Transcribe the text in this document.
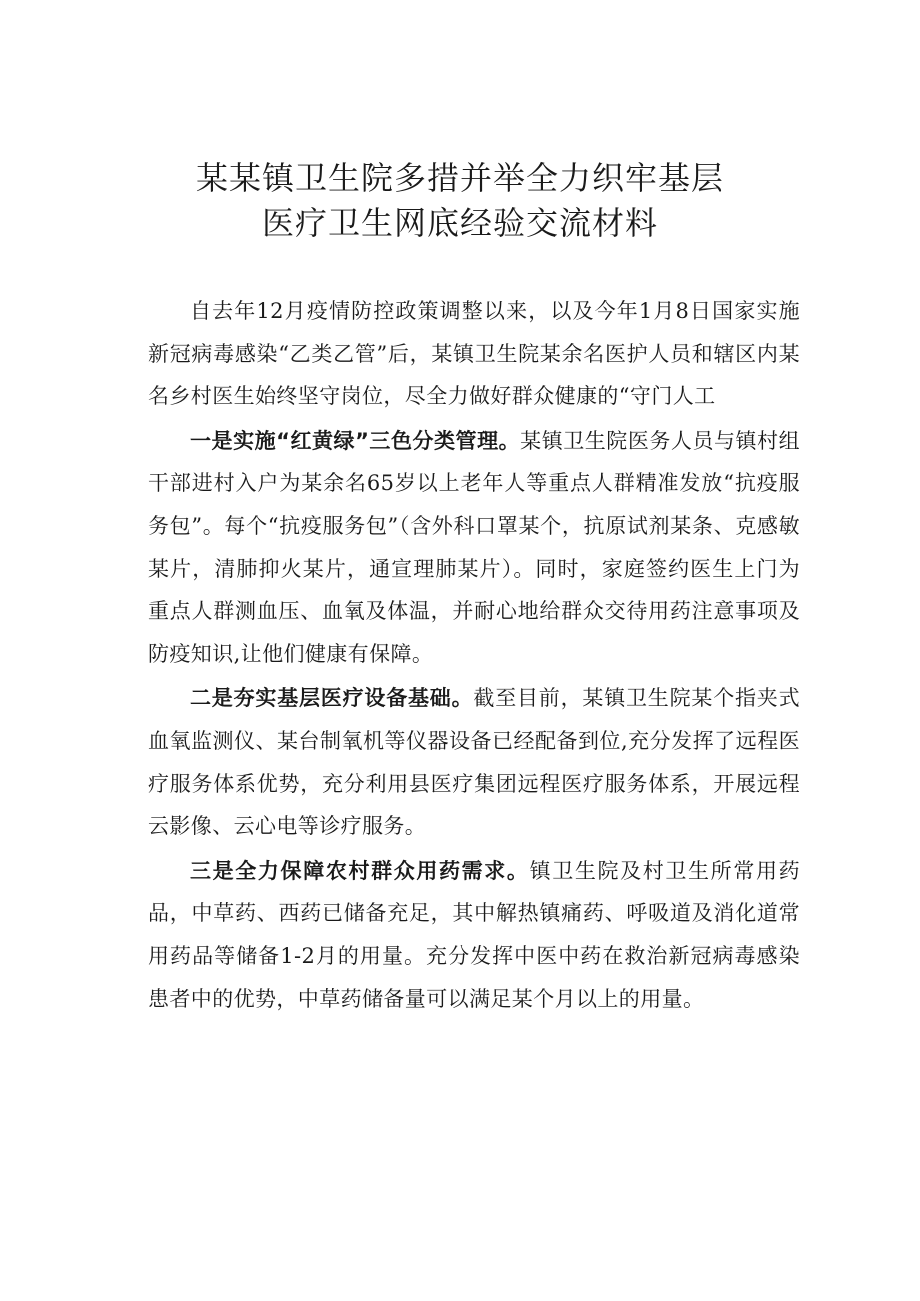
某某镇卫生院多措并举全力织牢基层
医疗卫生网底经验交流材料

自去年12月疫情防控政策调整以来，以及今年1月8日国家实施新冠病毒感染“乙类乙管”后，某镇卫生院某余名医护人员和辖区内某名乡村医生始终坚守岗位，尽全力做好群众健康的“守门人工

一是实施“红黄绿”三色分类管理。某镇卫生院医务人员与镇村组干部进村入户为某余名65岁以上老年人等重点人群精准发放“抗疫服务包”。每个“抗疫服务包”（含外科口罩某个，抗原试剂某条、克感敏某片，清肺抑火某片，通宣理肺某片）。同时，家庭签约医生上门为重点人群测血压、血氧及体温，并耐心地给群众交待用药注意事项及防疫知识,让他们健康有保障。

二是夯实基层医疗设备基础。截至目前，某镇卫生院某个指夹式血氧监测仪、某台制氧机等仪器设备已经配备到位,充分发挥了远程医疗服务体系优势，充分利用县医疗集团远程医疗服务体系，开展远程云影像、云心电等诊疗服务。

三是全力保障农村群众用药需求。镇卫生院及村卫生所常用药品，中草药、西药已储备充足，其中解热镇痛药、呼吸道及消化道常用药品等储备1-2月的用量。充分发挥中医中药在救治新冠病毒感染患者中的优势，中草药储备量可以满足某个月以上的用量。
